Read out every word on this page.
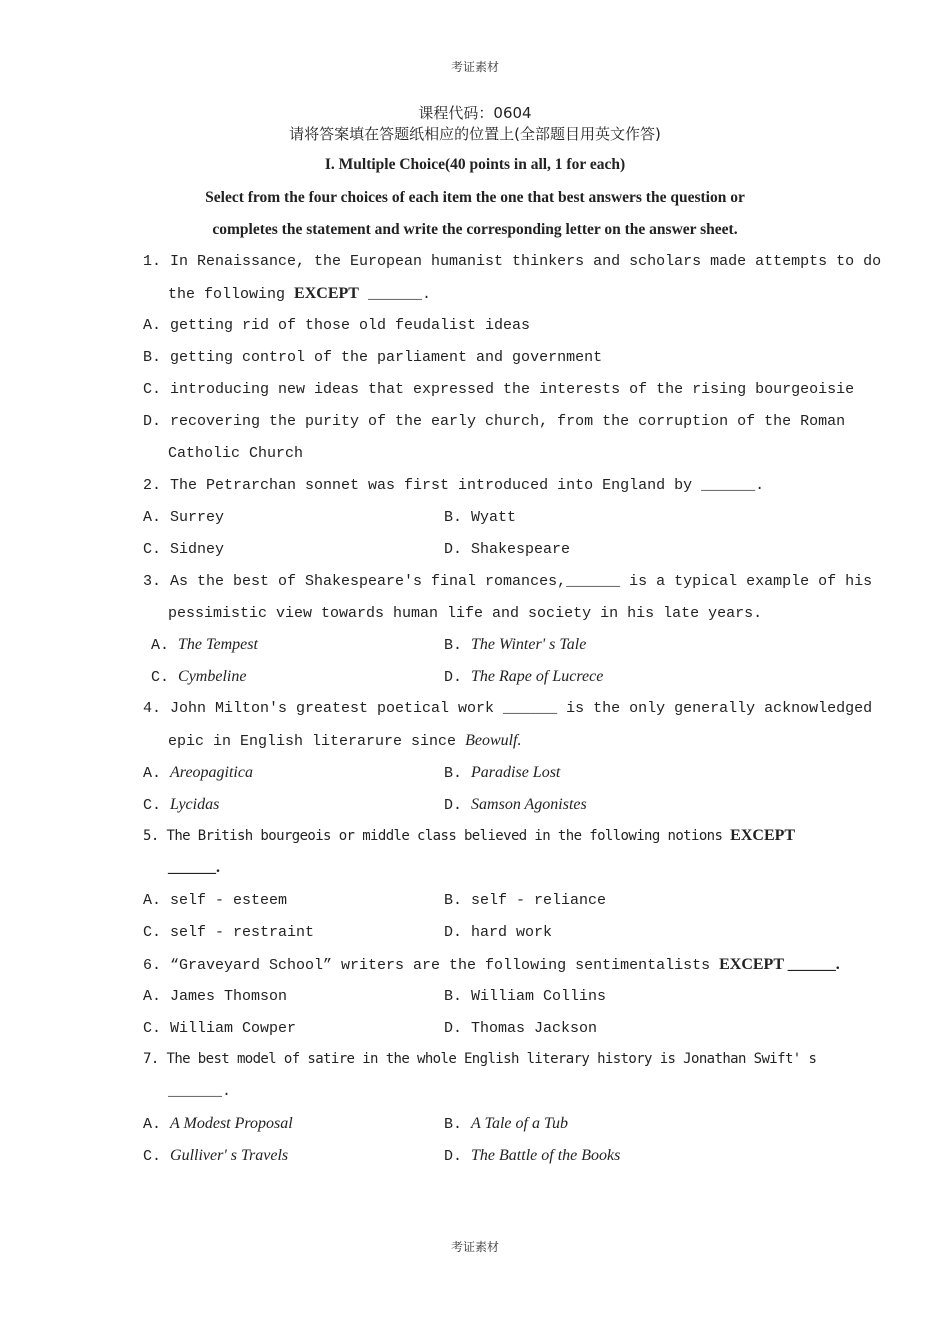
考证素材
课程代码：0604
请将答案填在答题纸相应的位置上(全部题目用英文作答)
I. Multiple Choice(40 points in all, 1 for each)
Select from the four choices of each item the one that best answers the question or
completes the statement and write the corresponding letter on the answer sheet.
1. In Renaissance, the European humanist thinkers and scholars made attempts to do
the following EXCEPT ______.
A. getting rid of those old feudalist ideas
B. getting control of the parliament and government
C. introducing new ideas that expressed the interests of the rising bourgeoisie
D. recovering the purity of the early church, from the corruption of the Roman
Catholic Church
2. The Petrarchan sonnet was first introduced into England by ______.
A. Surrey	B. Wyatt
C. Sidney	D. Shakespeare
3. As the best of Shakespeare's final romances,______ is a typical example of his
pessimistic view towards human life and society in his late years.
A. The Tempest	B. The Winter' s Tale
C. Cymbeline	D. The Rape of Lucrece
4. John Milton's greatest poetical work ______ is the only generally acknowledged
epic in English literarure since Beowulf.
A. Areopagitica	B. Paradise Lost
C. Lycidas	D. Samson Agonistes
5. The British bourgeois or middle class believed in the following notions EXCEPT
______.
A. self - esteem	B. self - reliance
C. self - restraint	D. hard work
6. “Graveyard School” writers are the following sentimentalists EXCEPT ______.
A. James Thomson	B. William Collins
C. William Cowper	D. Thomas Jackson
7. The best model of satire in the whole English literary history is Jonathan Swift' s
______.
A. A Modest Proposal	B. A Tale of a Tub
C. Gulliver' s Travels	D. The Battle of the Books
考证素材
